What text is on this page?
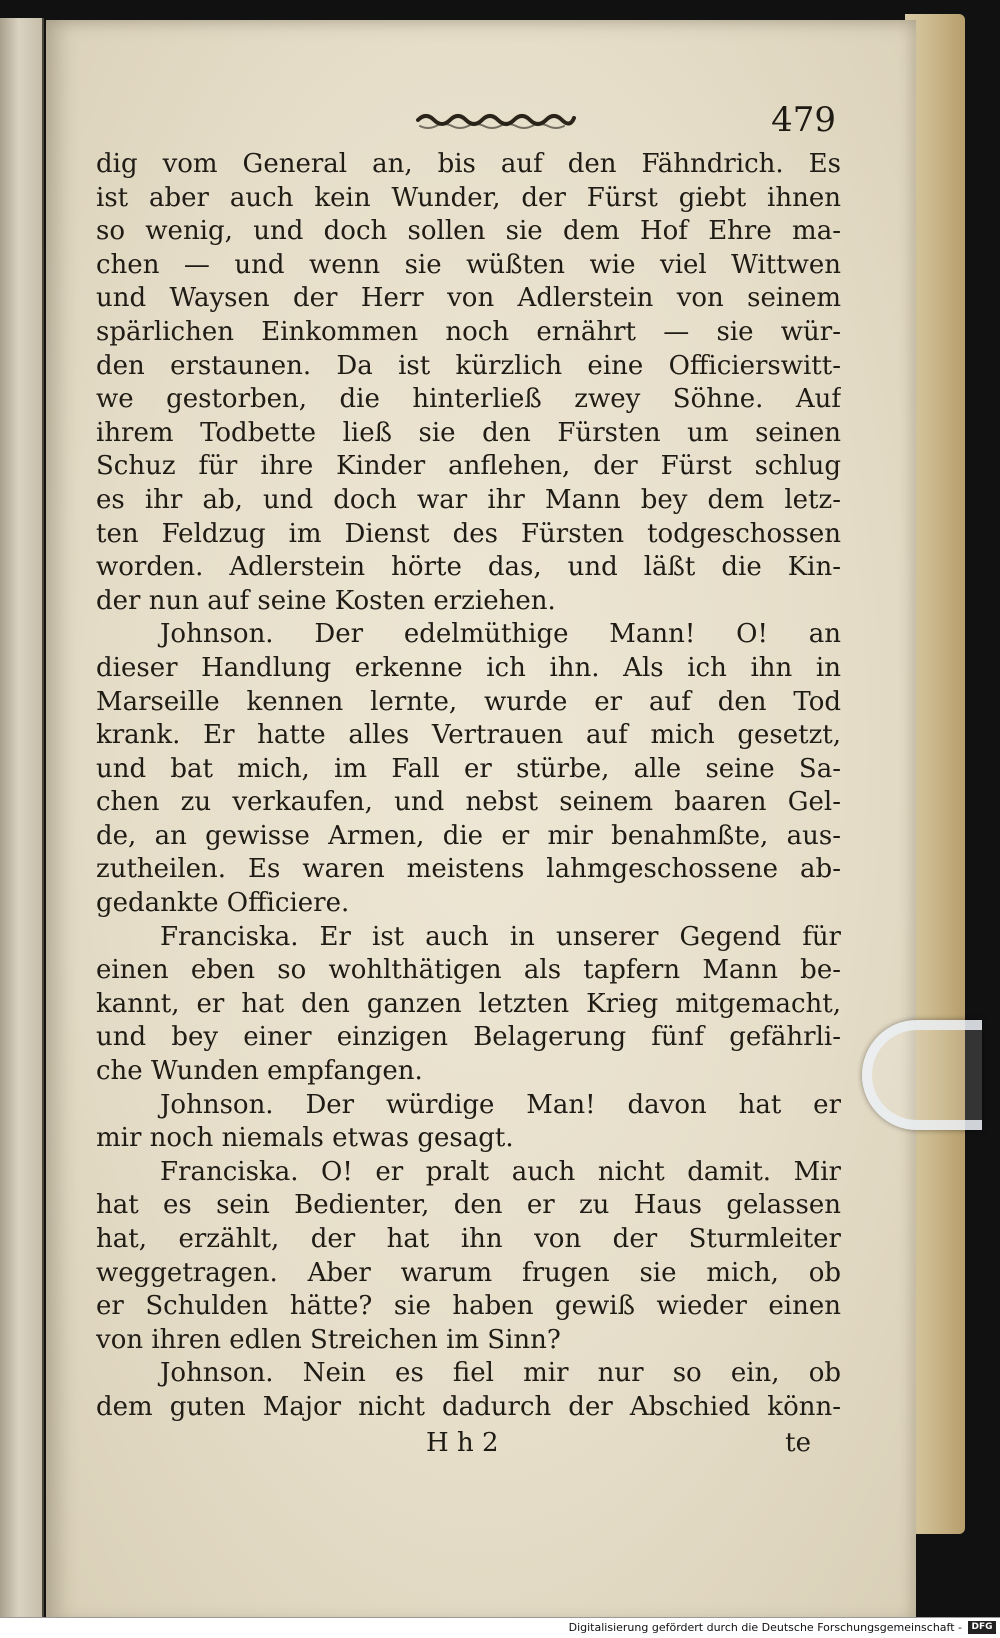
479
dig vom General an, bis auf den Fähndrich. Es
ist aber auch kein Wunder, der Fürst giebt ihnen
so wenig, und doch sollen sie dem Hof Ehre ma-
chen — und wenn sie wüßten wie viel Wittwen
und Waysen der Herr von Adlerstein von seinem
spärlichen Einkommen noch ernährt — sie wür-
den erstaunen. Da ist kürzlich eine Officierswitt-
we gestorben, die hinterließ zwey Söhne. Auf
ihrem Todbette ließ sie den Fürsten um seinen
Schuz für ihre Kinder anflehen, der Fürst schlug
es ihr ab, und doch war ihr Mann bey dem letz-
ten Feldzug im Dienst des Fürsten todgeschossen
worden. Adlerstein hörte das, und läßt die Kin-
der nun auf seine Kosten erziehen.
Johnson. Der edelmüthige Mann! O! an
dieser Handlung erkenne ich ihn. Als ich ihn in
Marseille kennen lernte, wurde er auf den Tod
krank. Er hatte alles Vertrauen auf mich gesetzt,
und bat mich, im Fall er stürbe, alle seine Sa-
chen zu verkaufen, und nebst seinem baaren Gel-
de, an gewisse Armen, die er mir benahmßte, aus-
zutheilen. Es waren meistens lahmgeschossene ab-
gedankte Officiere.
Franciska. Er ist auch in unserer Gegend für
einen eben so wohlthätigen als tapfern Mann be-
kannt, er hat den ganzen letzten Krieg mitgemacht,
und bey einer einzigen Belagerung fünf gefährli-
che Wunden empfangen.
Johnson. Der würdige Man! davon hat er
mir noch niemals etwas gesagt.
Franciska. O! er pralt auch nicht damit. Mir
hat es sein Bedienter, den er zu Haus gelassen
hat, erzählt, der hat ihn von der Sturmleiter
weggetragen. Aber warum frugen sie mich, ob
er Schulden hätte? sie haben gewiß wieder einen
von ihren edlen Streichen im Sinn?
Johnson. Nein es fiel mir nur so ein, ob
dem guten Major nicht dadurch der Abschied könn-
H h 2	te
Digitalisierung gefördert durch die Deutsche Forschungsgemeinschaft -	DFG
